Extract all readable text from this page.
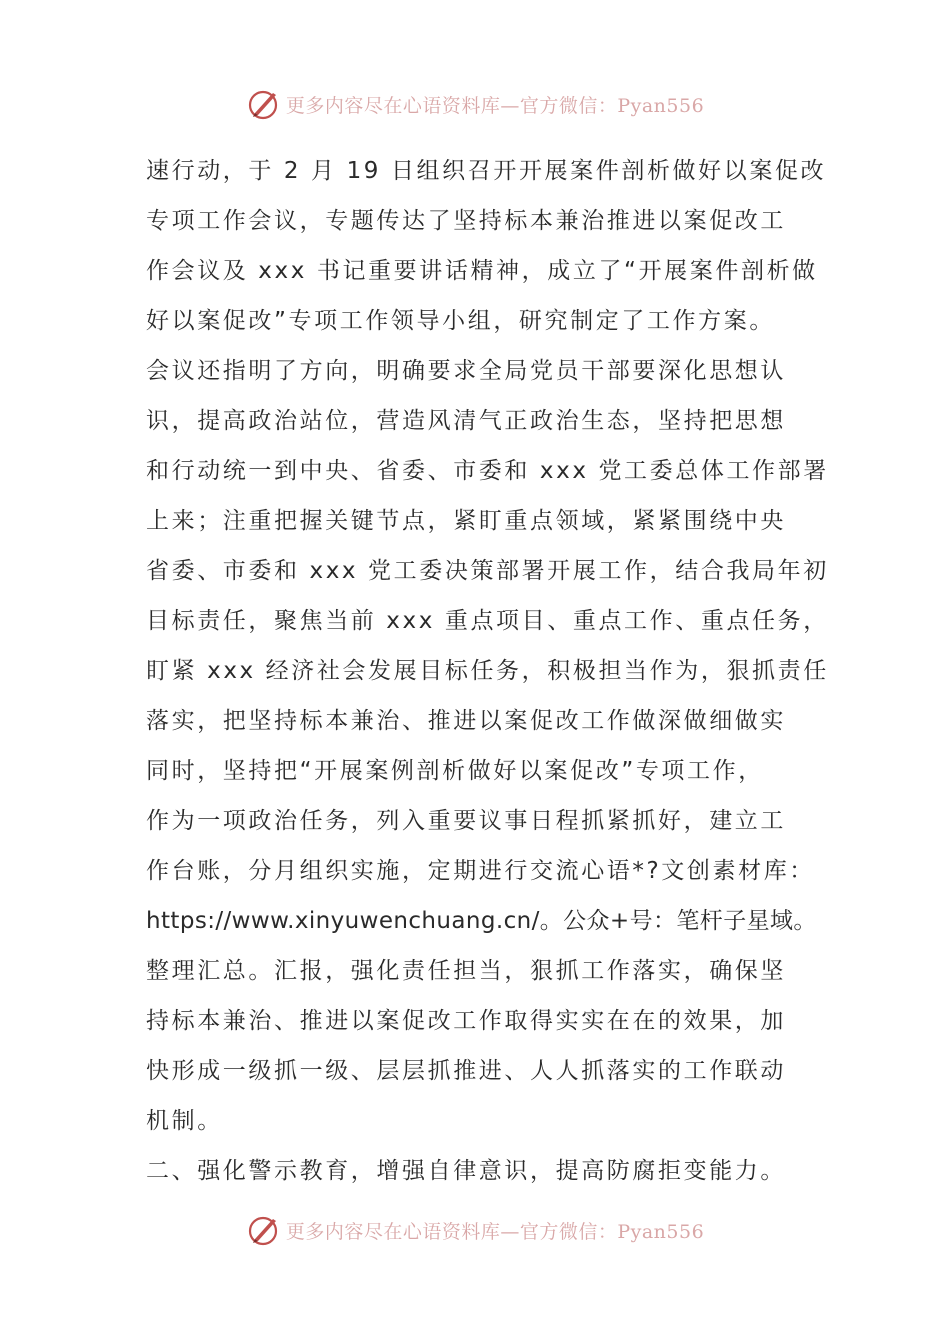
更多内容尽在心语资料库—官方微信：Pyan556
速行动，于 2 月 19 日组织召开开展案件剖析做好以案促改
专项工作会议，专题传达了坚持标本兼治推进以案促改工
作会议及 xxx 书记重要讲话精神，成立了“开展案件剖析做
好以案促改”专项工作领导小组，研究制定了工作方案。
会议还指明了方向，明确要求全局党员干部要深化思想认
识，提高政治站位，营造风清气正政治生态，坚持把思想
和行动统一到中央、省委、市委和 xxx 党工委总体工作部署
上来；注重把握关键节点，紧盯重点领域，紧紧围绕中央
省委、市委和 xxx 党工委决策部署开展工作，结合我局年初
目标责任，聚焦当前 xxx 重点项目、重点工作、重点任务，
盯紧 xxx 经济社会发展目标任务，积极担当作为，狠抓责任
落实，把坚持标本兼治、推进以案促改工作做深做细做实
同时，坚持把“开展案例剖析做好以案促改”专项工作，
作为一项政治任务，列入重要议事日程抓紧抓好，建立工
作台账，分月组织实施，定期进行交流心语*?文创素材库：
https://www.xinyuwenchuang.cn/。公众+号：笔杆子星域。
整理汇总。汇报，强化责任担当，狠抓工作落实，确保坚
持标本兼治、推进以案促改工作取得实实在在的效果，加
快形成一级抓一级、层层抓推进、人人抓落实的工作联动
机制。
二、强化警示教育，增强自律意识，提高防腐拒变能力。
更多内容尽在心语资料库—官方微信：Pyan556
